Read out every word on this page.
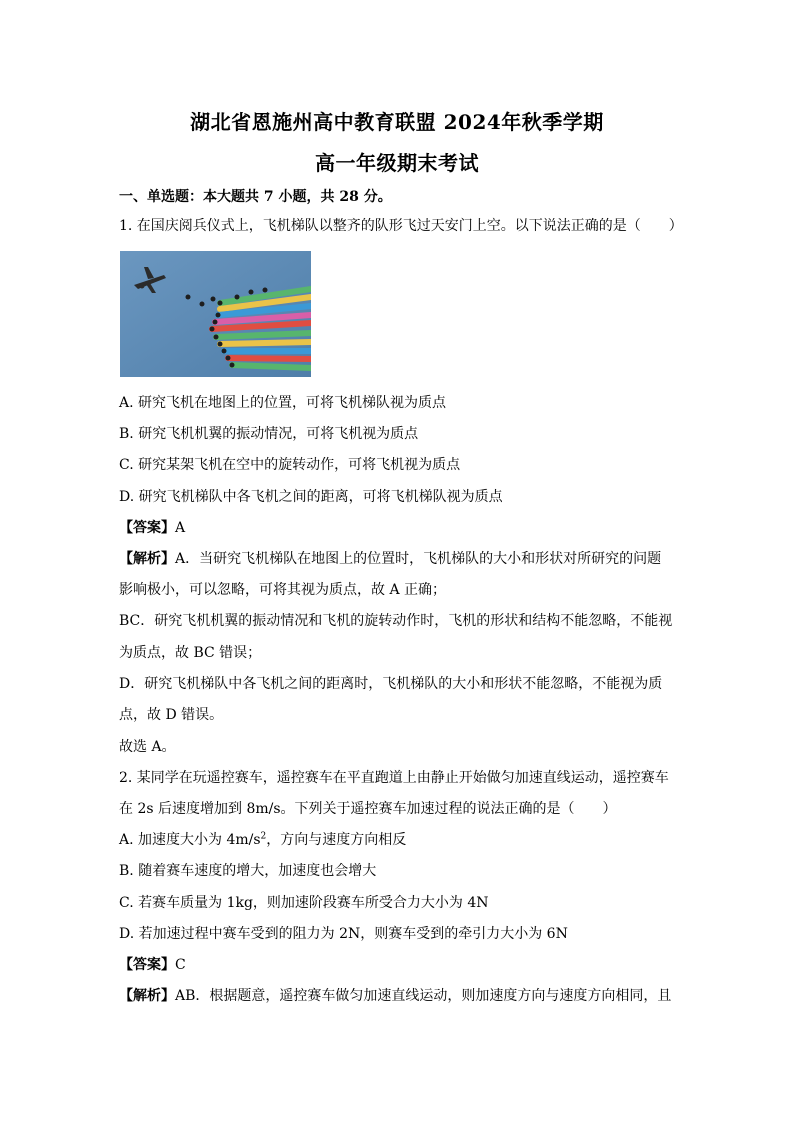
湖北省恩施州高中教育联盟 2024年秋季学期
高一年级期末考试
一、单选题：本大题共 7 小题，共 28 分。
1. 在国庆阅兵仪式上，飞机梯队以整齐的队形飞过天安门上空。以下说法正确的是（　　）
A. 研究飞机在地图上的位置，可将飞机梯队视为质点
B. 研究飞机机翼的振动情况，可将飞机视为质点
C. 研究某架飞机在空中的旋转动作，可将飞机视为质点
D. 研究飞机梯队中各飞机之间的距离，可将飞机梯队视为质点
【答案】A
【解析】A．当研究飞机梯队在地图上的位置时，飞机梯队的大小和形状对所研究的问题
影响极小，可以忽略，可将其视为质点，故 A 正确；
BC．研究飞机机翼的振动情况和飞机的旋转动作时，飞机的形状和结构不能忽略，不能视
为质点，故 BC 错误；
D．研究飞机梯队中各飞机之间的距离时，飞机梯队的大小和形状不能忽略，不能视为质
点，故 D 错误。
故选 A。
2. 某同学在玩遥控赛车，遥控赛车在平直跑道上由静止开始做匀加速直线运动，遥控赛车
在 2s 后速度增加到 8m/s。下列关于遥控赛车加速过程的说法正确的是（　　）
A. 加速度大小为 $4m/s^2$，方向与速度方向相反
B. 随着赛车速度的增大，加速度也会增大
C. 若赛车质量为 1kg，则加速阶段赛车所受合力大小为 4N
D. 若加速过程中赛车受到的阻力为 2N，则赛车受到的牵引力大小为 6N
【答案】C
【解析】AB．根据题意，遥控赛车做匀加速直线运动，则加速度方向与速度方向相同，且
